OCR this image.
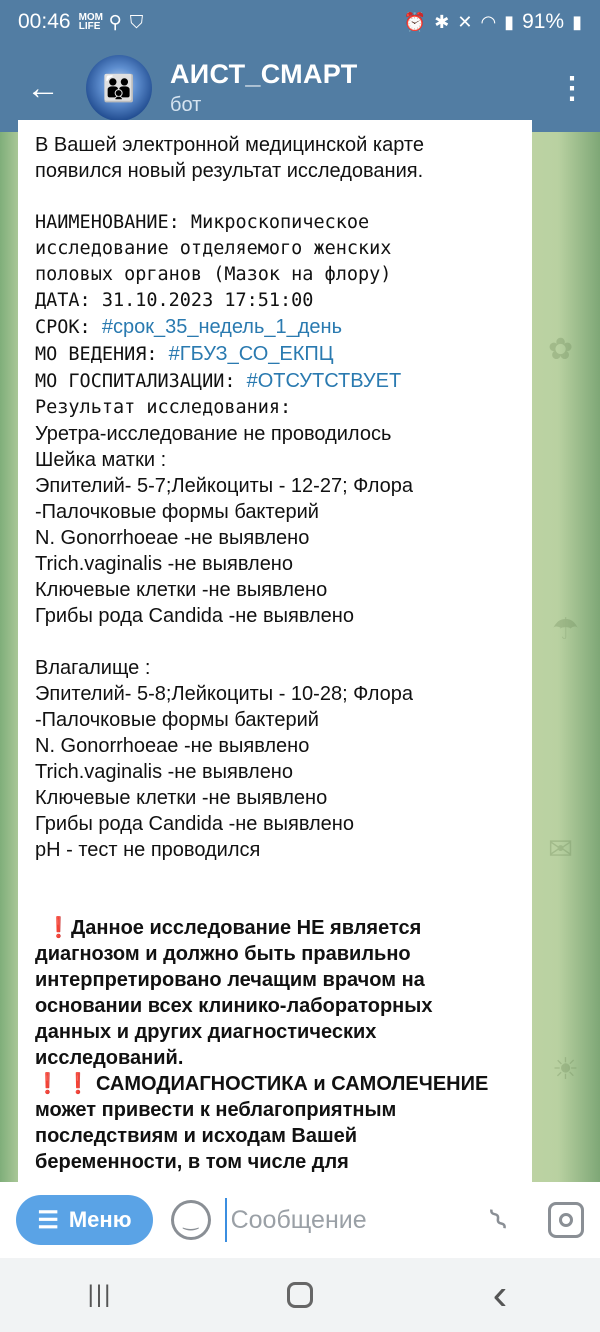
00:46 MOM LIFE ⚲ ⛉	⏰ ✱ ✕ ◠ ▮ 91% ▮
←	👪 АИСТ_СМАРТ
бот
⋮
✿
☂
✉
☀
В Вашей электронной медицинской карте
появился новый результат исследования.
НАИМЕНОВАНИЕ: Микроскопическое
исследование отделяемого женских
половых органов (Мазок на флору)
ДАТА: 31.10.2023 17:51:00
СРОК: #срок_35_недель_1_день
МО ВЕДЕНИЯ: #ГБУЗ_СО_ЕКПЦ
МО ГОСПИТАЛИЗАЦИИ: #ОТСУТСТВУЕТ
Результат исследования:
Уретра-исследование не проводилось
Шейка матки :
Эпителий- 5-7;Лейкоциты - 12-27; Флора
-Палочковые формы бактерий
N. Gonorrhoeae -не выявлено
Trich.vaginalis -не выявлено
Ключевые клетки -не выявлено
Грибы рода Candida -не выявлено
Влагалище :
Эпителий- 5-8;Лейкоциты - 10-28; Флора
-Палочковые формы бактерий
N. Gonorrhoeae -не выявлено
Trich.vaginalis -не выявлено
Ключевые клетки -не выявлено
Грибы рода Candida -не выявлено
pH - тест не проводился
❗Данное исследование НЕ является
диагнозом и должно быть правильно
интерпретировано лечащим врачом на
основании всех клинико-лабораторных
данных и других диагностических
исследований.
❗ ❗ САМОДИАГНОСТИКА и САМОЛЕЧЕНИЕ
может привести к неблагоприятным
последствиям и исходам Вашей
беременности, в том числе для
☰ Меню	‿
Сообщение	⌇
|||	‹
